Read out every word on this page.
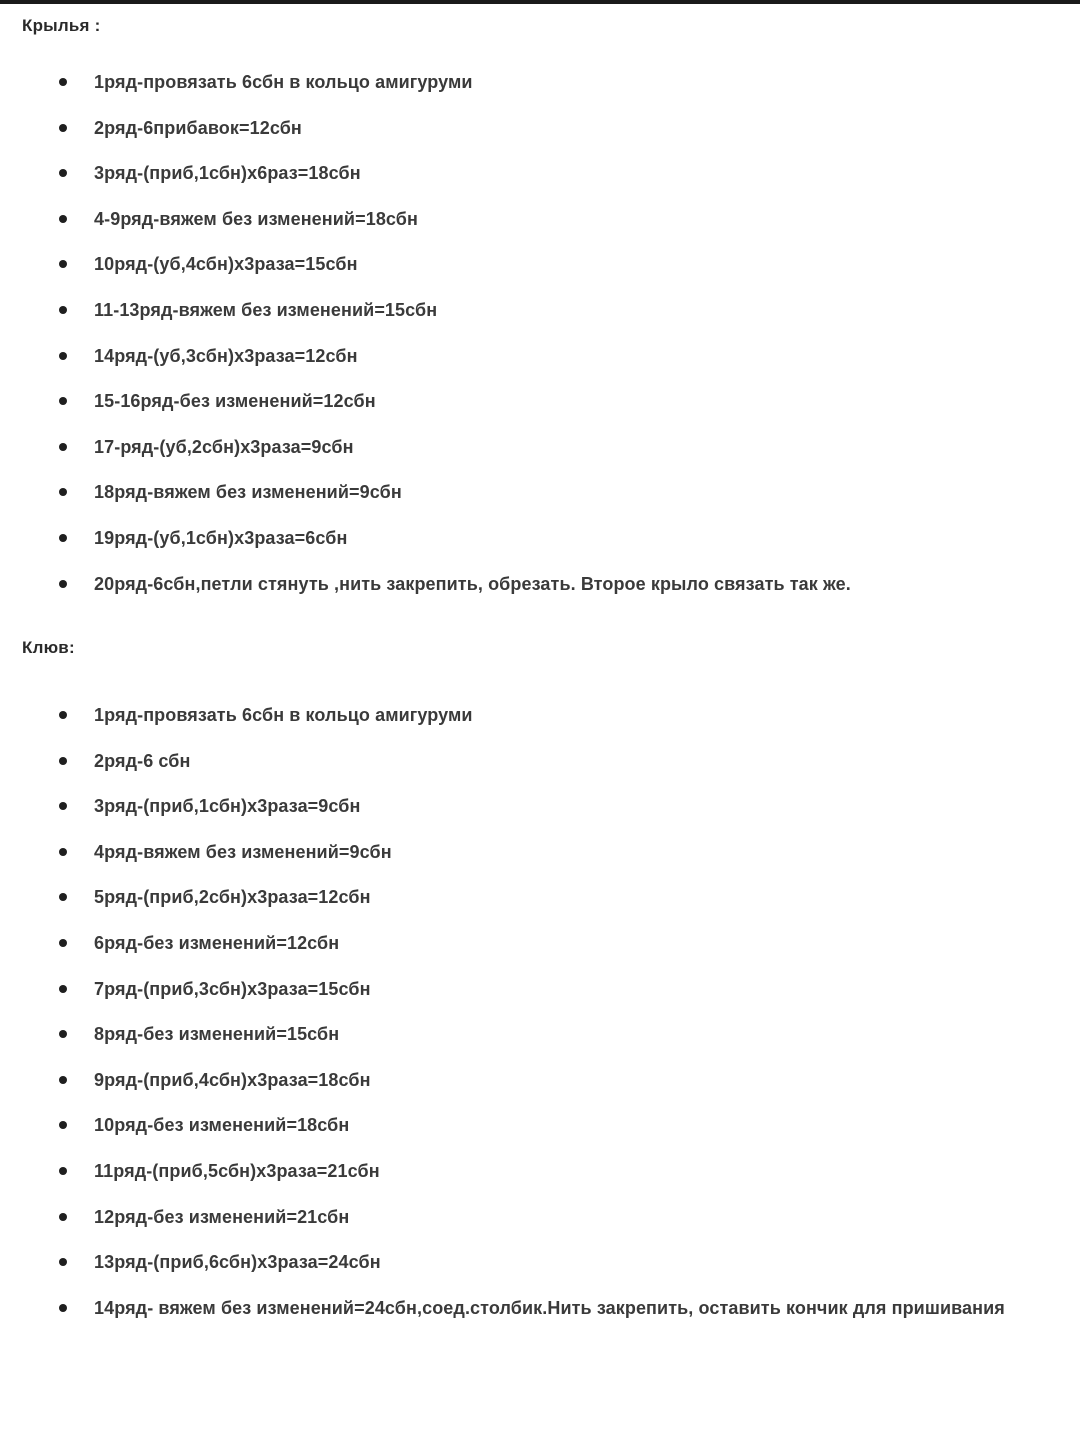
Крылья :
1ряд-провязать 6сбн в кольцо амигуруми
2ряд-6прибавок=12сбн
3ряд-(приб,1сбн)х6раз=18сбн
4-9ряд-вяжем без изменений=18сбн
10ряд-(уб,4сбн)х3раза=15сбн
11-13ряд-вяжем без изменений=15сбн
14ряд-(уб,3сбн)х3раза=12сбн
15-16ряд-без изменений=12сбн
17-ряд-(уб,2сбн)х3раза=9сбн
18ряд-вяжем без изменений=9сбн
19ряд-(уб,1сбн)х3раза=6сбн
20ряд-6сбн,петли стянуть ,нить закрепить, обрезать. Второе крыло связать так же.
Клюв:
1ряд-провязать 6сбн в кольцо амигуруми
2ряд-6 сбн
3ряд-(приб,1сбн)х3раза=9сбн
4ряд-вяжем без изменений=9сбн
5ряд-(приб,2сбн)х3раза=12сбн
6ряд-без изменений=12сбн
7ряд-(приб,3сбн)х3раза=15сбн
8ряд-без изменений=15сбн
9ряд-(приб,4сбн)х3раза=18сбн
10ряд-без изменений=18сбн
11ряд-(приб,5сбн)х3раза=21сбн
12ряд-без изменений=21сбн
13ряд-(приб,6сбн)х3раза=24сбн
14ряд- вяжем без изменений=24сбн,соед.столбик.Нить закрепить, оставить кончик для пришивания
